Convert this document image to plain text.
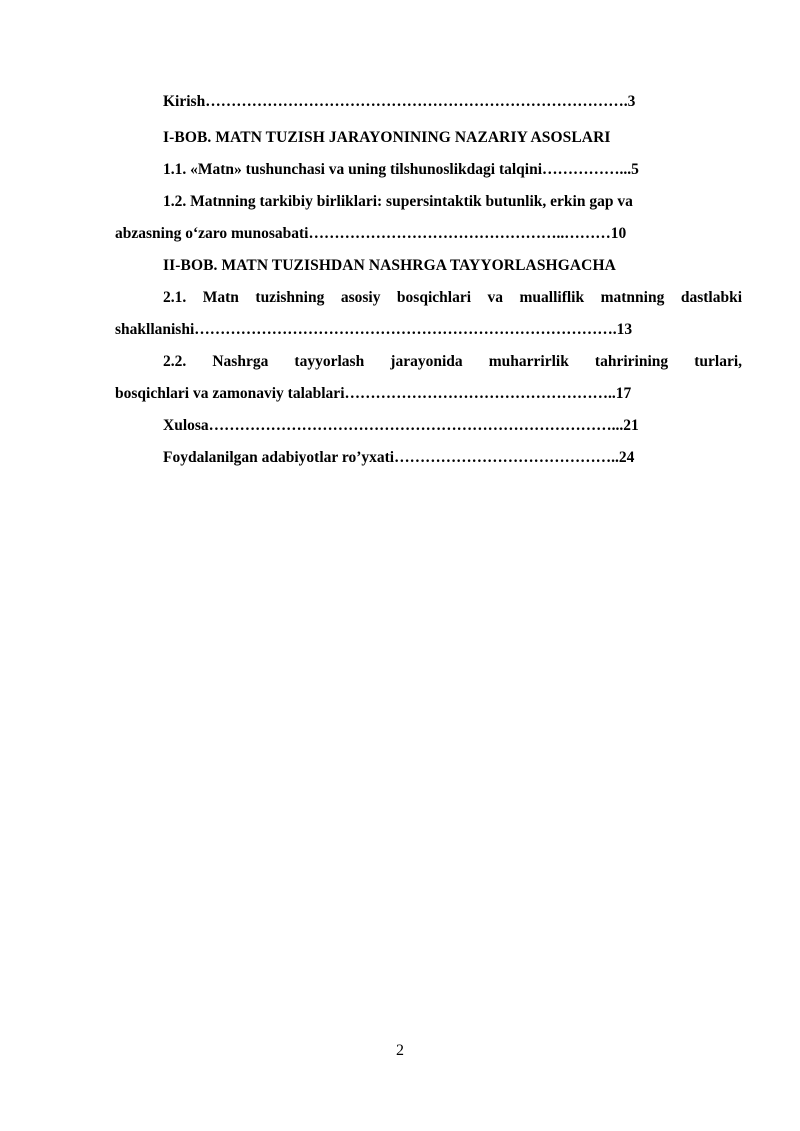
Kirish……………………………………………………………………….3
I-BOB. MATN TUZISH JARAYONINING NAZARIY ASOSLARI
1.1. «Matn» tushunchasi va uning tilshunoslikdagi talqini……………...5
1.2. Matnning tarkibiy birliklari: supersintaktik butunlik, erkin gap va
abzasning o‘zaro munosabati…………………………………………..………10
II-BOB. MATN TUZISHDAN NASHRGA TAYYORLASHGACHA
2.1. Matn tuzishning asosiy bosqichlari va mualliflik matnning dastlabki
shakllanishi……………………………………………………………………….13
2.2. Nashrga tayyorlash jarayonida muharrirlik tahririning turlari,
bosqichlari va zamonaviy talablari……………………………………………..17
Xulosa……………………………………………………………………...21
Foydalanilgan adabiyotlar ro’yxati……………………………………..24
2
